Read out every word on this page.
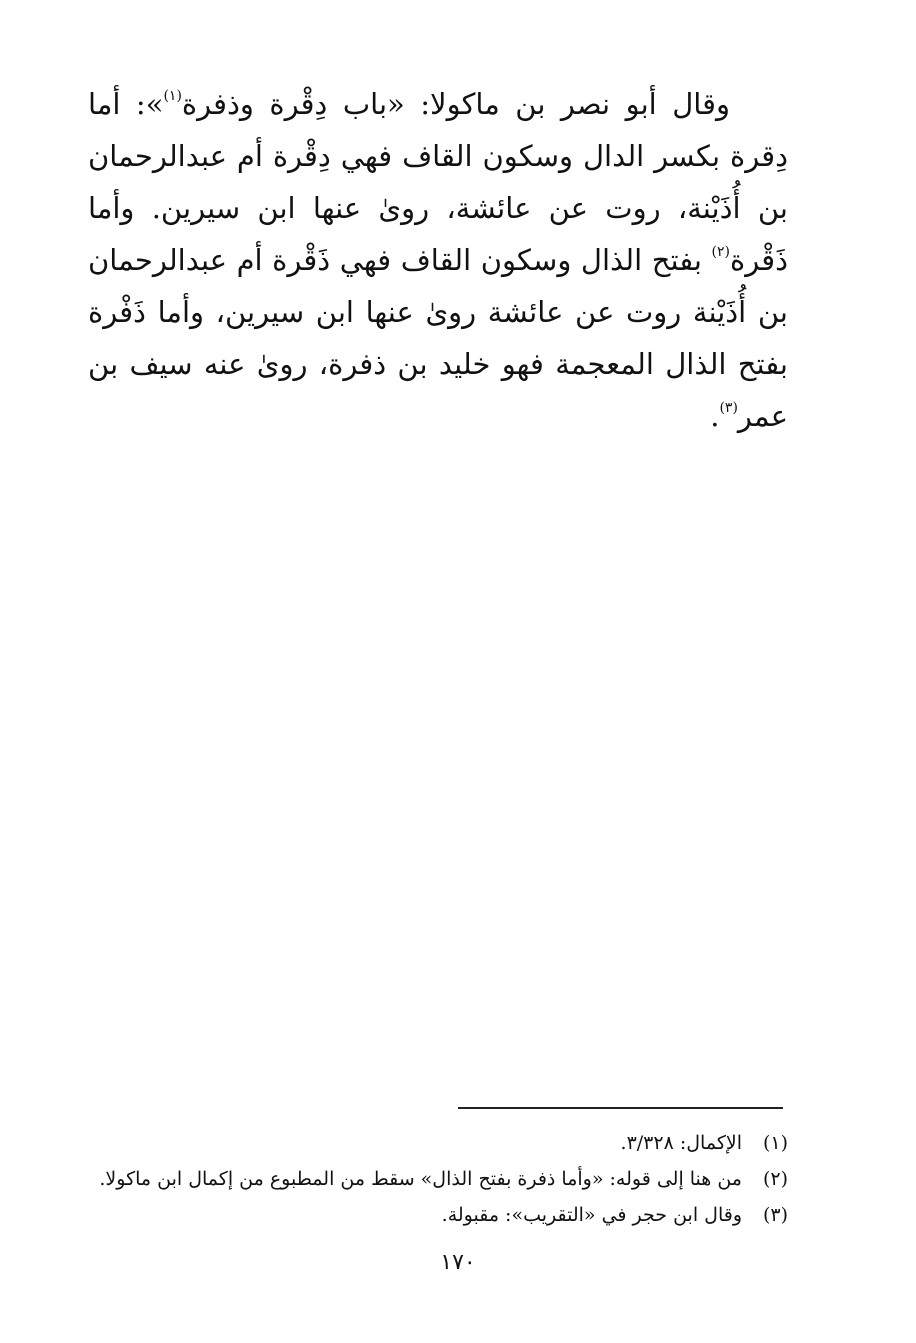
وقال أبو نصر بن ماكولا: «باب دِقْرة وذفرة$^{(١)}$»: أما دِقرة بكسر الدال وسكون القاف فهي دِقْرة أم عبدالرحمان بن أُذَيْنة، روت عن عائشة، روىٰ عنها ابن سيرين. وأما ذَقْرة$^{(٢)}$ بفتح الذال وسكون القاف فهي ذَقْرة أم عبدالرحمان بن أُذَيْنة روت عن عائشة روىٰ عنها ابن سيرين، وأما ذَفْرة بفتح الذال المعجمة فهو خليد بن ذفرة، روىٰ عنه سيف بن عمر$^{(٣)}$.

(١)
الإكمال: ٣/٣٢٨.
(٢)
من هنا إلى قوله: «وأما ذفرة بفتح الذال» سقط من المطبوع من إكمال ابن ماكولا.
(٣)
وقال ابن حجر في «التقريب»: مقبولة.
١٧٠
